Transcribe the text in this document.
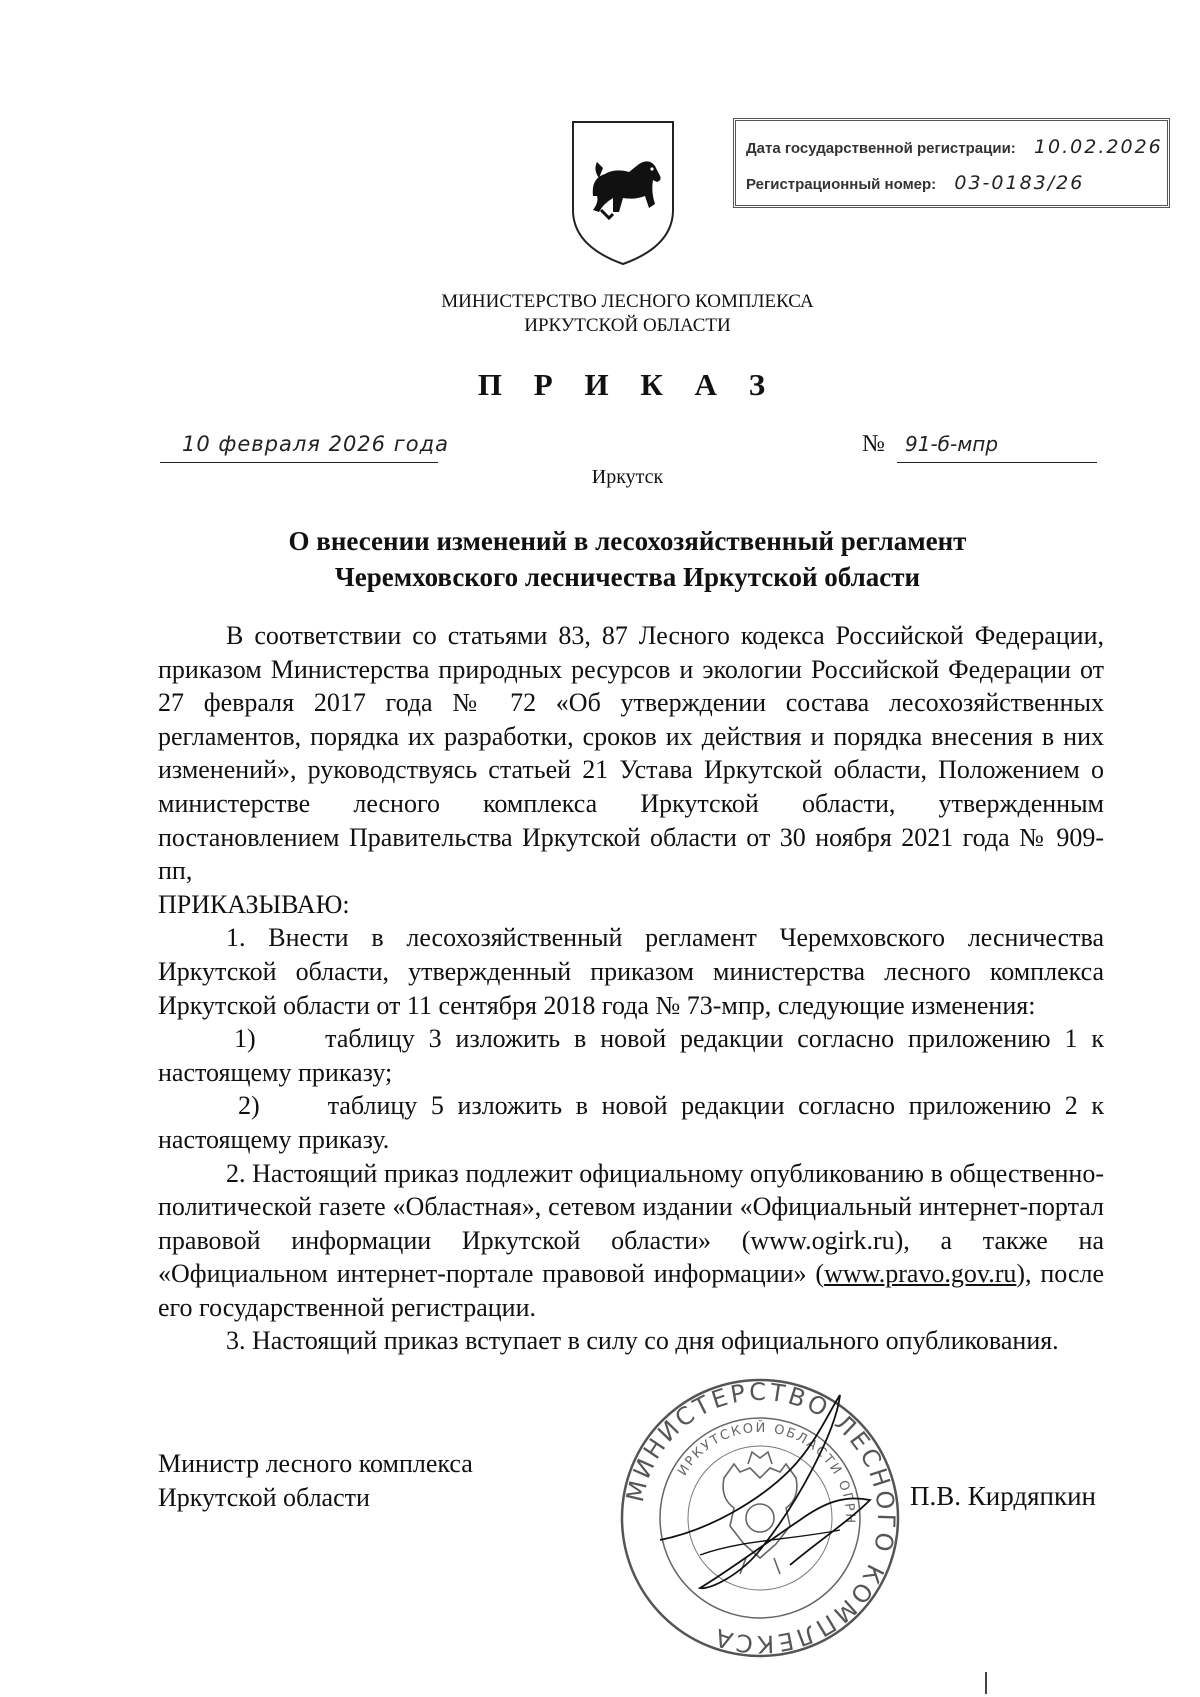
Дата государственной регистрации: 10.02.2026
Регистрационный номер: 03-0183/26
МИНИСТЕРСТВО ЛЕСНОГО КОМПЛЕКСА
ИРКУТСКОЙ ОБЛАСТИ
П Р И К А З
10 февраля 2026 года	№ 91-б-мпр
Иркутск
О внесении изменений в лесохозяйственный регламент
Черемховского лесничества Иркутской области

В соответствии со статьями 83, 87 Лесного кодекса Российской Федерации, приказом Министерства природных ресурсов и экологии Российской Федерации от 27 февраля 2017 года № 72 «Об утверждении состава лесохозяйственных регламентов, порядка их разработки, сроков их действия и порядка внесения в них изменений», руководствуясь статьей 21 Устава Иркутской области, Положением о министерстве лесного комплекса Иркутской области, утвержденным постановлением Правительства Иркутской области от 30 ноября 2021 года № 909-пп,

ПРИКАЗЫВАЮ:

1. Внести в лесохозяйственный регламент Черемховского лесничества Иркутской области, утвержденный приказом министерства лесного комплекса Иркутской области от 11 сентября 2018 года № 73-мпр, следующие изменения:

1)     таблицу 3 изложить в новой редакции согласно приложению 1 к настоящему приказу;

2)     таблицу 5 изложить в новой редакции согласно приложению 2 к настоящему приказу.

2. Настоящий приказ подлежит официальному опубликованию в общественно-политической газете «Областная», сетевом издании «Официальный интернет-портал правовой информации Иркутской области» (www.ogirk.ru), а также на «Официальном интернет-портале правовой информации» (www.pravo.gov.ru), после его государственной регистрации.

3. Настоящий приказ вступает в силу со дня официального опубликования.

МИНИСТЕРСТВО ЛЕСНОГО КОМПЛЕКСА
ИРКУТСКОЙ ОБЛАСТИ ОГРН
Министр лесного комплекса
Иркутской области	П.В. Кирдяпкин
